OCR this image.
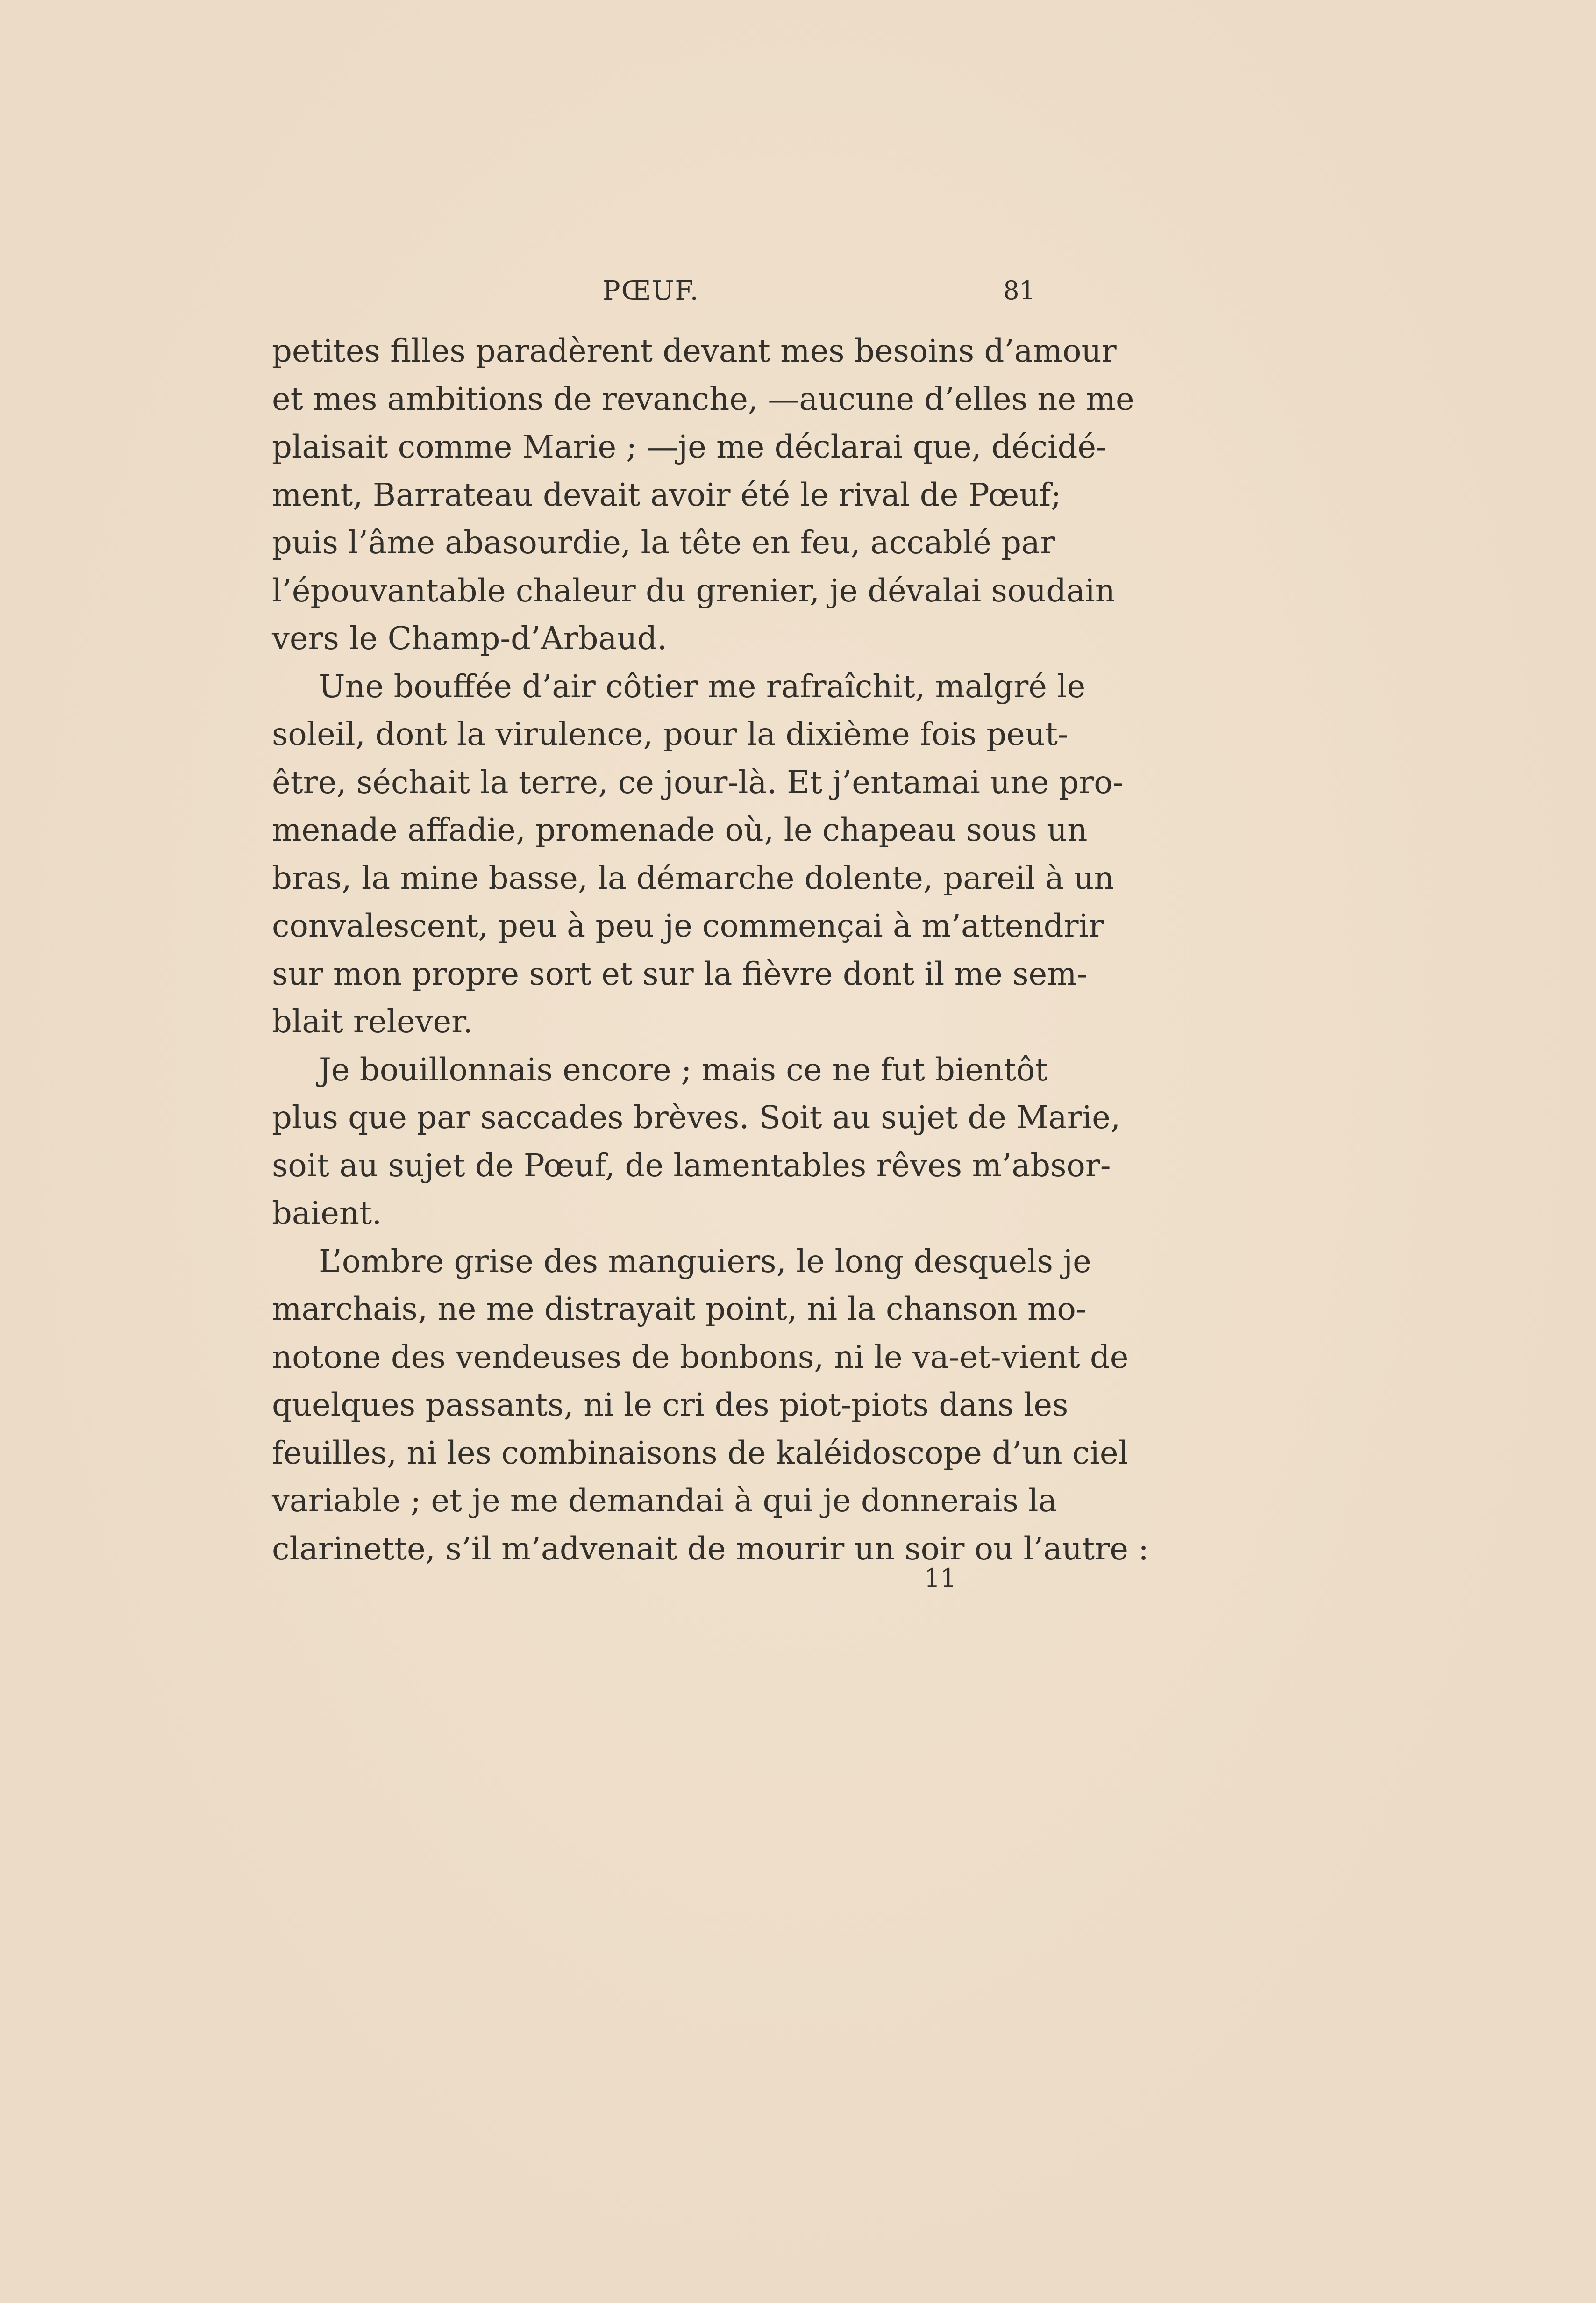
PŒUF.	81
petites filles paradèrent devant mes besoins d’amour
et mes ambitions de revanche, —aucune d’elles ne me
plaisait comme Marie ; —je me déclarai que, décidé-
ment, Barrateau devait avoir été le rival de Pœuf;
puis l’âme abasourdie, la tête en feu, accablé par
l’épouvantable chaleur du grenier, je dévalai soudain
vers le Champ-d’Arbaud.
Une bouffée d’air côtier me rafraîchit, malgré le
soleil, dont la virulence, pour la dixième fois peut-
être, séchait la terre, ce jour-là. Et j’entamai une pro-
menade affadie, promenade où, le chapeau sous un
bras, la mine basse, la démarche dolente, pareil à un
convalescent, peu à peu je commençai à m’attendrir
sur mon propre sort et sur la fièvre dont il me sem-
blait relever.
Je bouillonnais encore ; mais ce ne fut bientôt
plus que par saccades brèves. Soit au sujet de Marie,
soit au sujet de Pœuf, de lamentables rêves m’absor-
baient.
L’ombre grise des manguiers, le long desquels je
marchais, ne me distrayait point, ni la chanson mo-
notone des vendeuses de bonbons, ni le va-et-vient de
quelques passants, ni le cri des piot-piots dans les
feuilles, ni les combinaisons de kaléidoscope d’un ciel
variable ; et je me demandai à qui je donnerais la
clarinette, s’il m’advenait de mourir un soir ou l’autre :
11
